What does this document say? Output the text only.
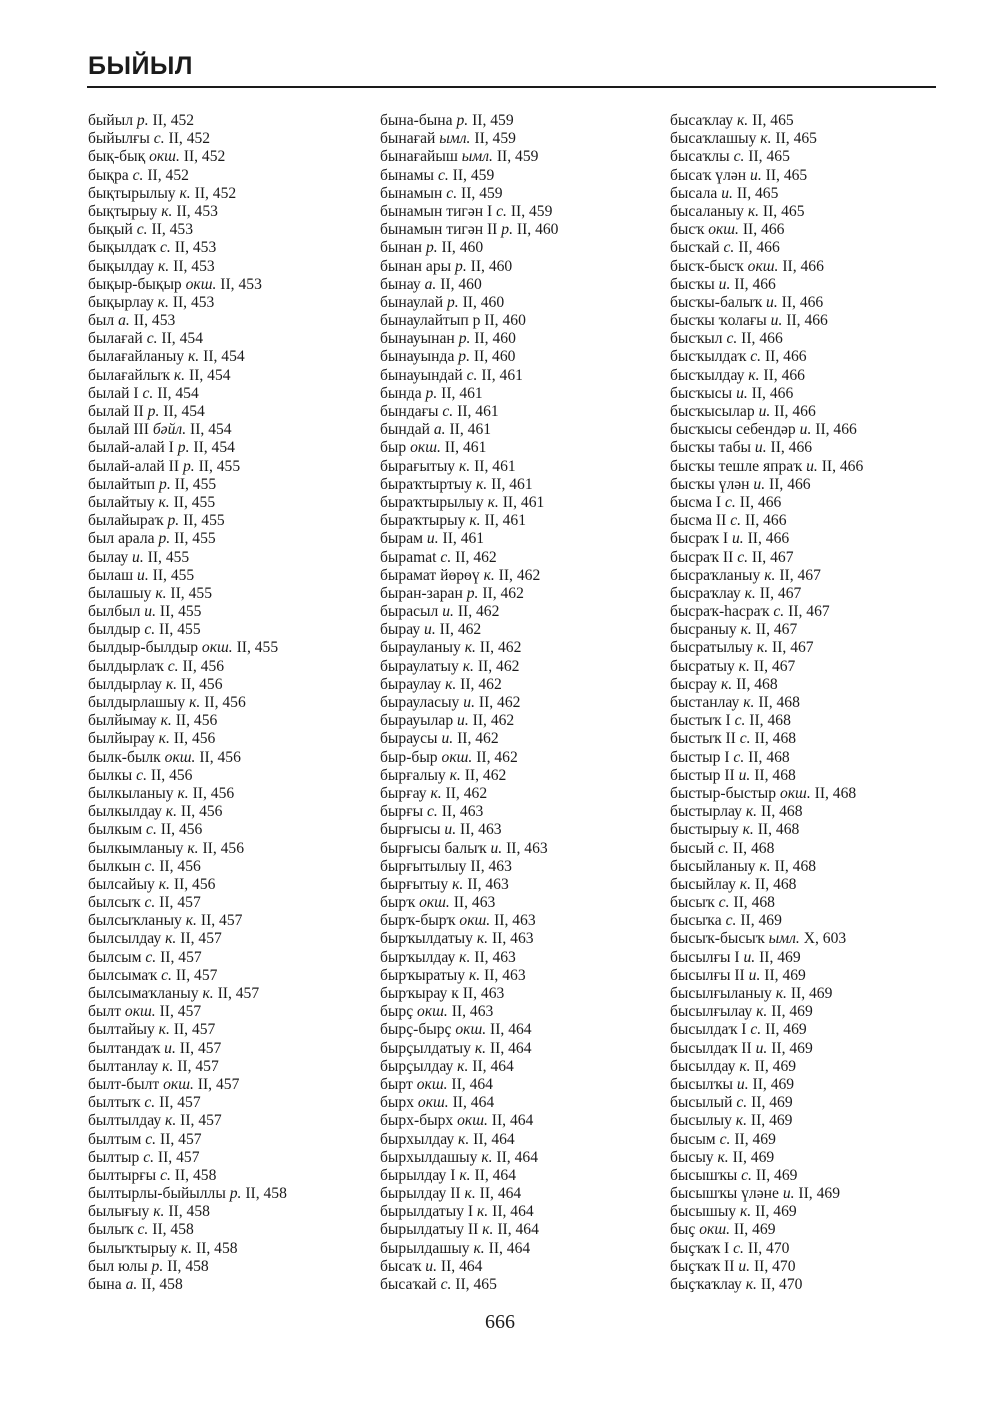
БЫЙЫЛ
быйыл р. II, 452
быйылғы с. II, 452
бық-бық окш. II, 452
бықра с. II, 452
бықтырылыу к. II, 452
бықтырыу к. II, 453
бықый с. II, 453
бықылдаҡ с. II, 453
бықылдау к. II, 453
бықыр-бықыр окш. II, 453
бықырлау к. II, 453
был а. II, 453
былағай с. II, 454
былағайланыу к. II, 454
былағайлыҡ к. II, 454
былай I с. II, 454
былай II р. II, 454
былай III бәйл. II, 454
былай-алай I р. II, 454
былай-алай II р. II, 455
былайтып р. II, 455
былайтыу к. II, 455
былайыраҡ р. II, 455
был арала р. II, 455
былау и. II, 455
былаш и. II, 455
былашыу к. II, 455
былбыл и. II, 455
былдыр с. II, 455
былдыр-былдыр окш. II, 455
былдырлаҡ с. II, 456
былдырлау к. II, 456
былдырлашыу к. II, 456
былйымау к. II, 456
былйырау к. II, 456
былк-былк окш. II, 456
былкы с. II, 456
былкыланыу к. II, 456
былкылдау к. II, 456
былкым с. II, 456
былкымланыу к. II, 456
былкын с. II, 456
былсайыу к. II, 456
былсыҡ с. II, 457
былсыҡланыу к. II, 457
былсылдау к. II, 457
былсым с. II, 457
былсымаҡ с. II, 457
былсымаҡланыу к. II, 457
былт окш. II, 457
былтайыу к. II, 457
былтандаҡ и. II, 457
былтанлау к. II, 457
былт-былт окш. II, 457
былтыҡ с. II, 457
былтылдау к. II, 457
былтым с. II, 457
былтыр с. II, 457
былтырғы с. II, 458
былтырлы-быйыллы р. II, 458
былығыу к. II, 458
былыҡ с. II, 458
былыҡтырыу к. II, 458
был юлы р. II, 458
бына а. II, 458
бына-бына р. II, 459
бынағай ымл. II, 459
бынағайыш ымл. II, 459
бынамы с. II, 459
бынамын с. II, 459
бынамын тигән I с. II, 459
бынамын тигән II р. II, 460
бынан р. II, 460
бынан ары р. II, 460
бынау а. II, 460
бынаулай р. II, 460
бынаулайтып р II, 460
бынауынан р. II, 460
бынауында р. II, 460
бынауындай с. II, 461
бында р. II, 461
бындағы с. II, 461
бындай а. II, 461
быр окш. II, 461
бырағытыу к. II, 461
быраҡтыртыу к. II, 461
быраҡтырылыу к. II, 461
быраҡтырыу к. II, 461
бырам и. II, 461
быраmat с. II, 462
бырамат йөрөү к. II, 462
быран-заран р. II, 462
бырасыл и. II, 462
бырау и. II, 462
бырауланыу к. II, 462
быраулатыу к. II, 462
быраулау к. II, 462
бырауласыу и. II, 462
бырауылар и. II, 462
бырауcы и. II, 462
быр-быр окш. II, 462
бырғалыу к. II, 462
бырғау к. II, 462
бырғы с. II, 463
бырғысы и. II, 463
бырғысы балыҡ и. II, 463
бырғытылыу II, 463
бырғытыу к. II, 463
бырҡ окш. II, 463
бырҡ-бырҡ окш. II, 463
бырҡылдатыу к. II, 463
бырҡылдау к. II, 463
бырҡыратыу к. II, 463
бырҡырау к II, 463
бырҫ окш. II, 463
бырҫ-бырҫ окш. II, 464
бырҫылдатыу к. II, 464
бырҫылдау к. II, 464
бырт окш. II, 464
бырх окш. II, 464
бырх-бырх окш. II, 464
бырхылдау к. II, 464
бырхылдашыу к. II, 464
бырылдау I к. II, 464
бырылдау II к. II, 464
бырылдатыу I к. II, 464
бырылдатыу II к. II, 464
бырылдашыу к. II, 464
бысаҡ и. II, 464
бысаҡай с. II, 465
бысаҡлау к. II, 465
бысаҡлашыу к. II, 465
бысаҡлы с. II, 465
бысаҡ үлән и. II, 465
бысала и. II, 465
бысаланыу к. II, 465
бысҡ окш. II, 466
бысҡай с. II, 466
бысҡ-бысҡ окш. II, 466
бысҡы и. II, 466
бысҡы-балыҡ и. II, 466
бысҡы ҡолағы и. II, 466
бысҡыл с. II, 466
бысҡылдаҡ с. II, 466
бысҡылдау к. II, 466
бысҡысы и. II, 466
бысҡысылар и. II, 466
бысҡысы себендәр и. II, 466
бысҡы табы и. II, 466
бысҡы тешле япраҡ и. II, 466
бысҡы үлән и. II, 466
бысма I с. II, 466
бысма II с. II, 466
бысраҡ I и. II, 466
бысраҡ II с. II, 467
бысраҡланыу к. II, 467
бысраҡлау к. II, 467
бысраҡ-һасраҡ с. II, 467
бысраныу к. II, 467
бысратылыу к. II, 467
бысратыу к. II, 467
бысрау к. II, 468
быстанлау к. II, 468
быстыҡ I с. II, 468
быстыҡ II с. II, 468
быстыр I с. II, 468
быстыр II и. II, 468
быстыр-быстыр окш. II, 468
быстырлау к. II, 468
быстырыу к. II, 468
бысый с. II, 468
бысыйланыу к. II, 468
бысыйлау к. II, 468
бысыҡ с. II, 468
бысыҡа с. II, 469
бысыҡ-бысыҡ ымл. X, 603
бысылғы I и. II, 469
бысылғы II и. II, 469
бысылғыланыу к. II, 469
бысылғылау к. II, 469
бысылдаҡ I с. II, 469
бысылдаҡ II и. II, 469
бысылдау к. II, 469
бысылҡы и. II, 469
бысылый с. II, 469
бысылыу к. II, 469
бысым с. II, 469
бысыу к. II, 469
бысышҡы с. II, 469
бысышҡы үләне и. II, 469
бысышыу к. II, 469
быҫ окш. II, 469
быҫҡаҡ I с. II, 470
быҫҡаҡ II и. II, 470
быҫҡаҡлау к. II, 470
666
